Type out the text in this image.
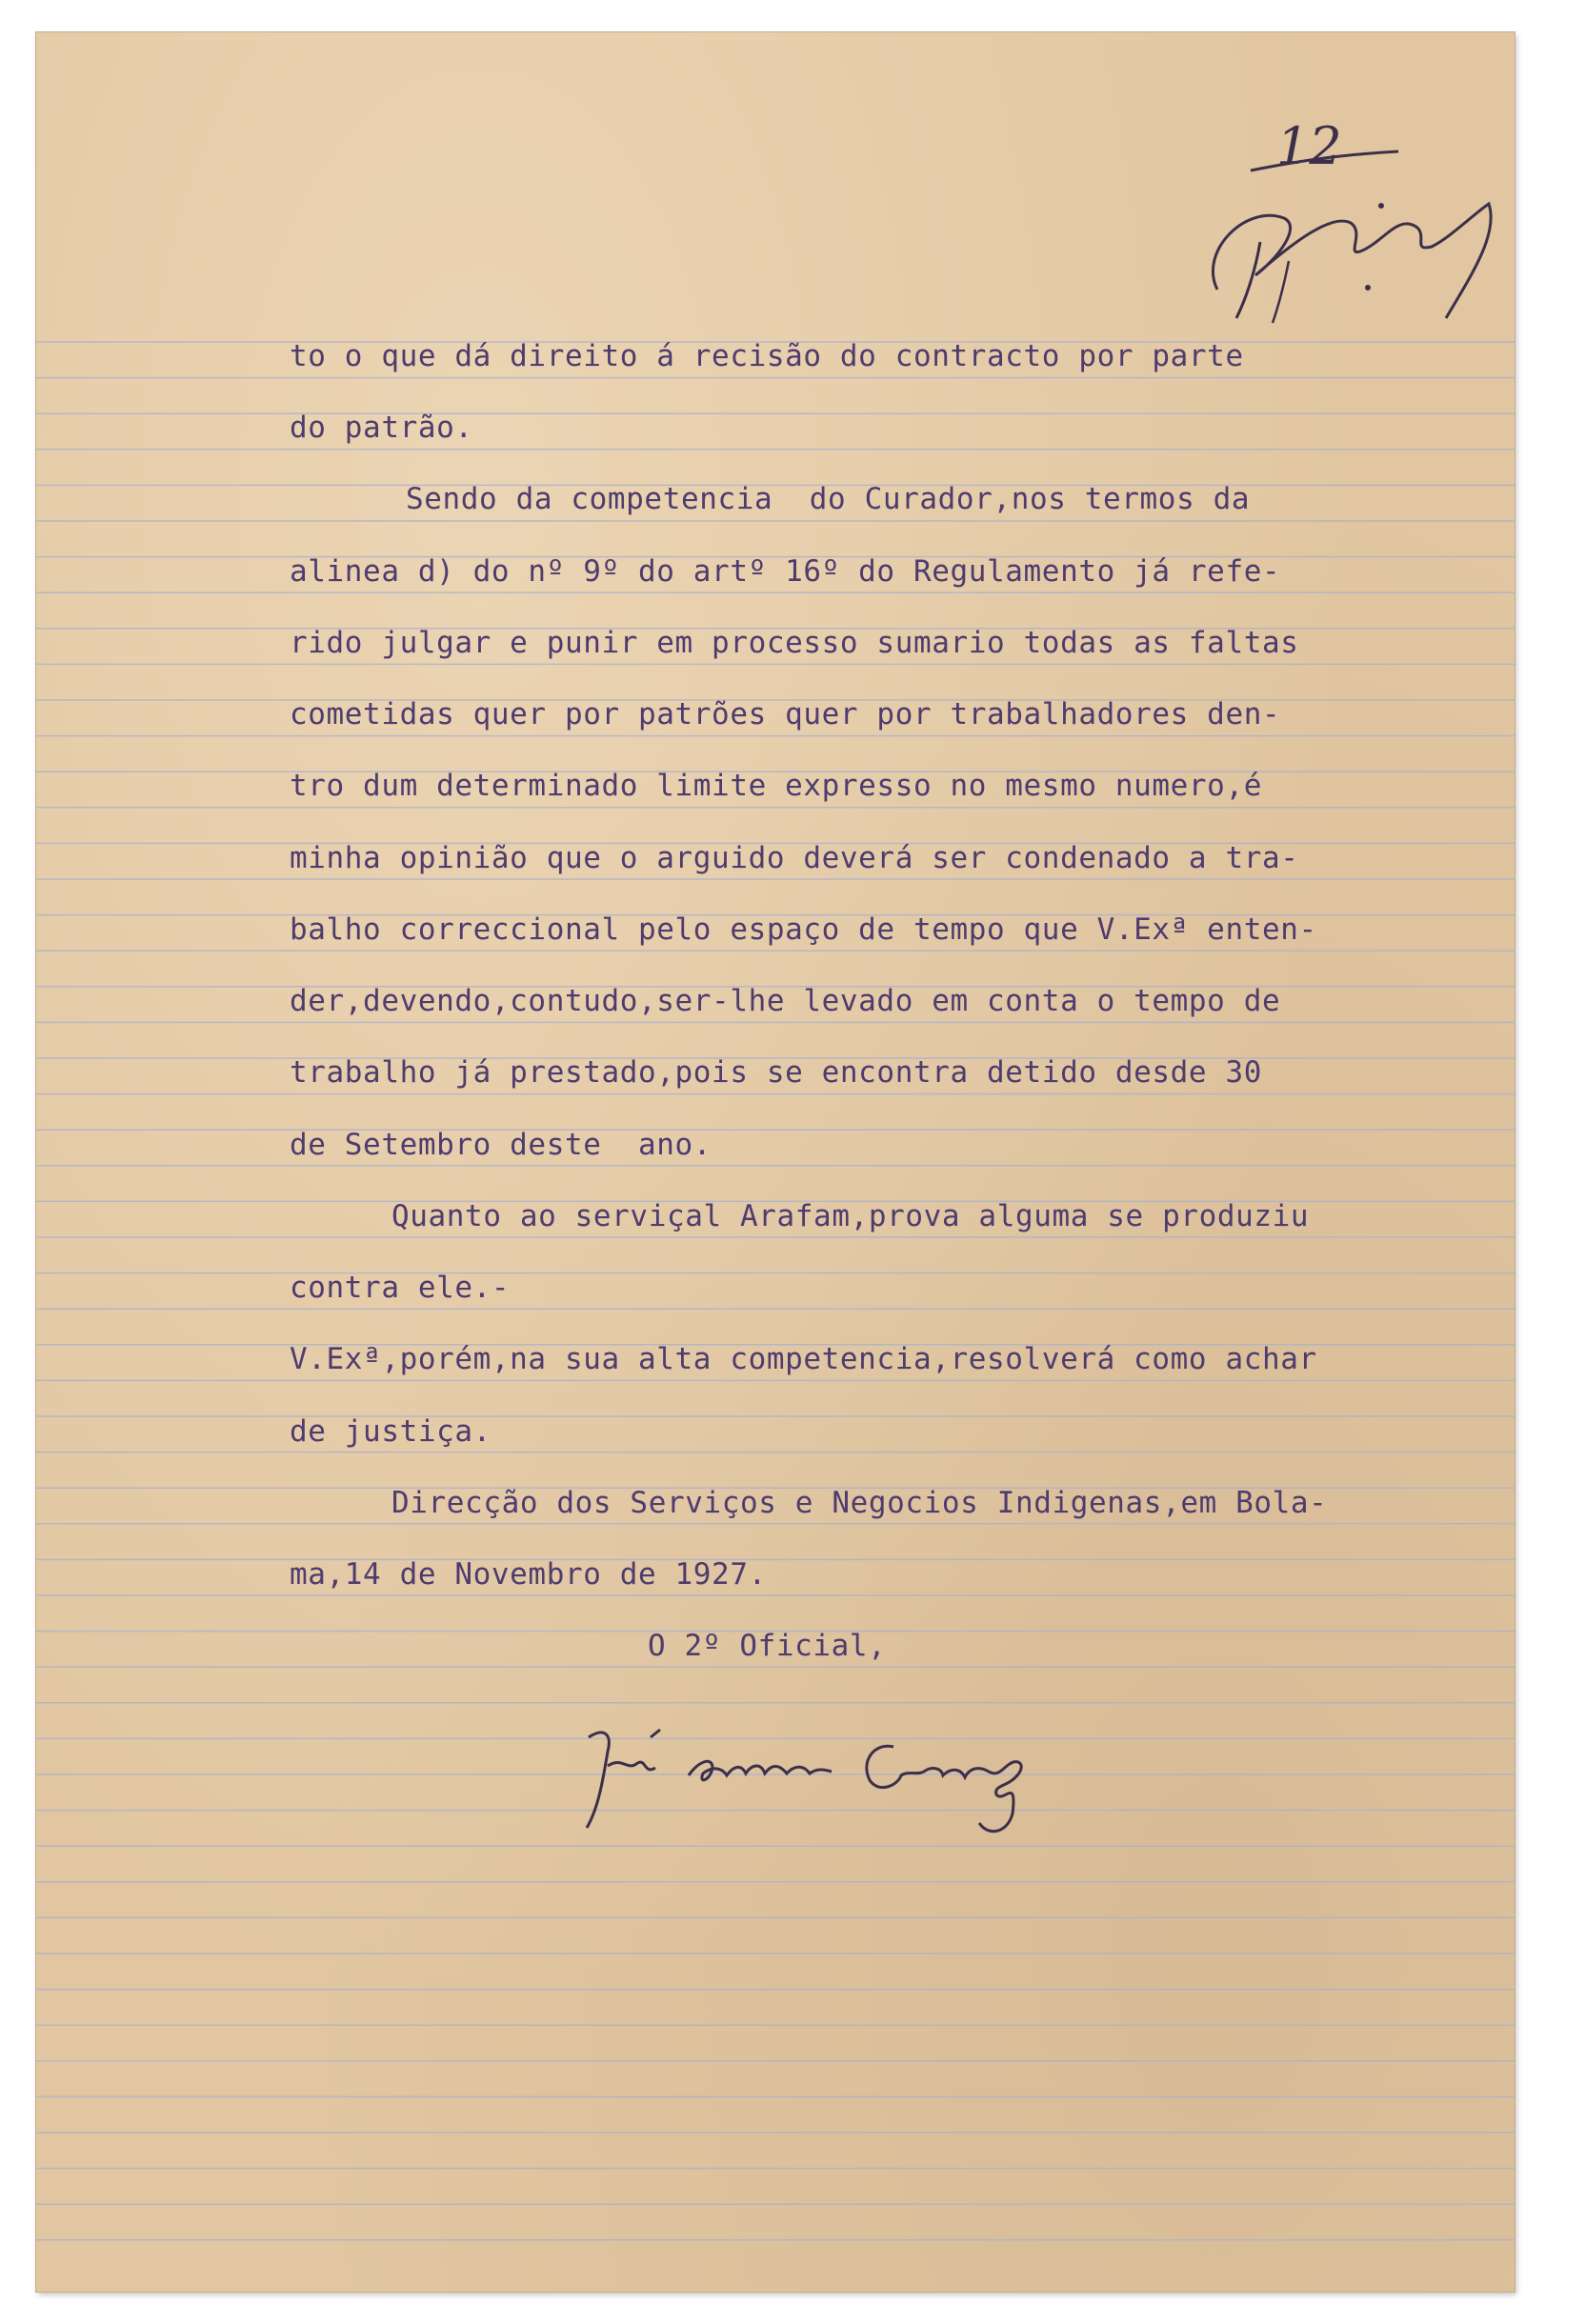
12

to o que dá direito á recisão do contracto por parte

do patrão.

Sendo da competencia  do Curador,nos termos da

alinea d) do nº 9º do artº 16º do Regulamento já refe-

rido julgar e punir em processo sumario todas as faltas

cometidas quer por patrões quer por trabalhadores den-

tro dum determinado limite expresso no mesmo numero,é

minha opinião que o arguido deverá ser condenado a tra-

balho correccional pelo espaço de tempo que V.Exª enten-

der,devendo,contudo,ser-lhe levado em conta o tempo de

trabalho já prestado,pois se encontra detido desde 30

de Setembro deste  ano.

Quanto ao serviçal Arafam,prova alguma se produziu

contra ele.-

V.Exª,porém,na sua alta competencia,resolverá como achar

de justiça.

Direcção dos Serviços e Negocios Indigenas,em Bola-

ma,14 de Novembro de 1927.

O 2º Oficial,
